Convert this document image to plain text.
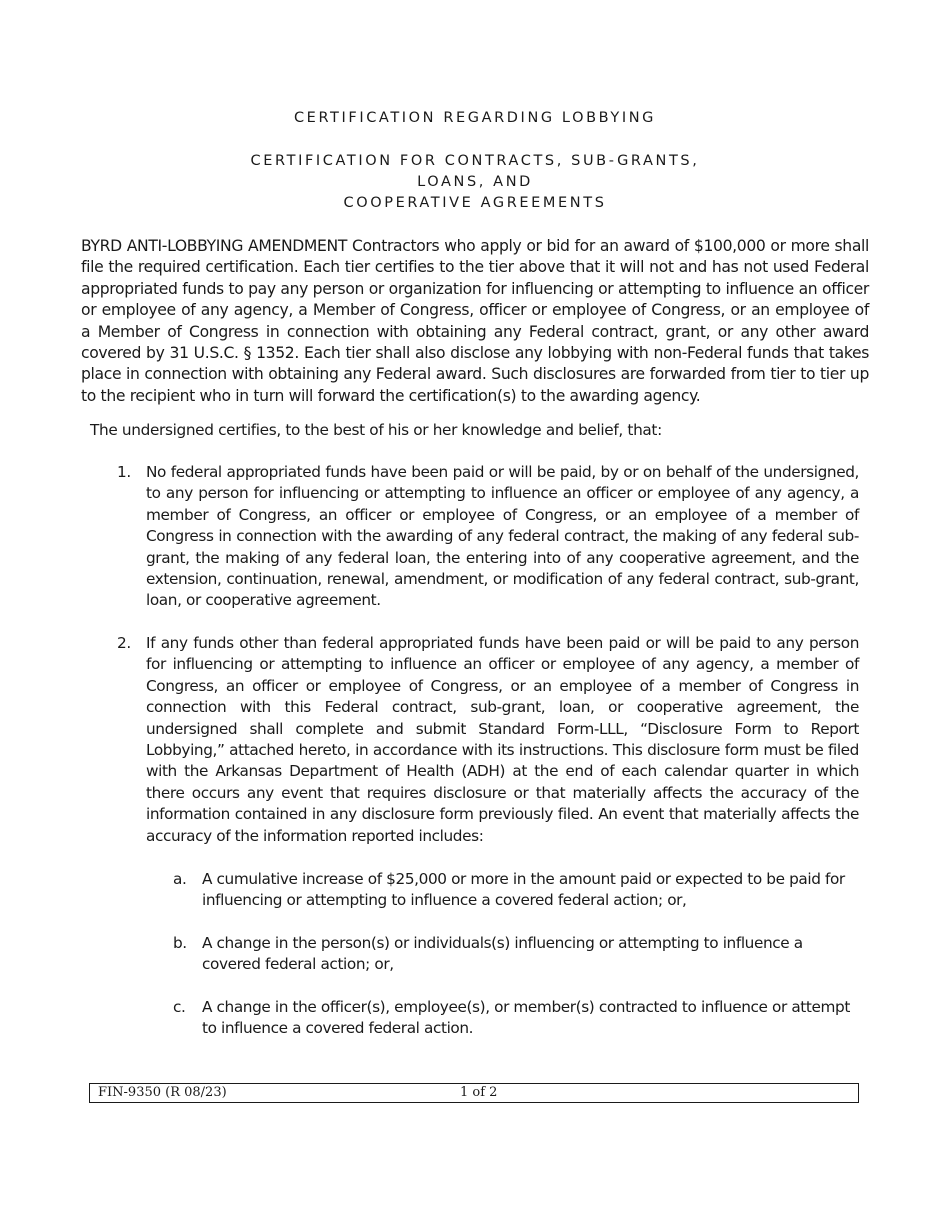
CERTIFICATION REGARDING LOBBYING
CERTIFICATION FOR CONTRACTS, SUB-GRANTS,
LOANS, AND
COOPERATIVE AGREEMENTS
BYRD ANTI-LOBBYING AMENDMENT Contractors who apply or bid for an award of $100,000 or more shall file the required certification. Each tier certifies to the tier above that it will not and has not used Federal appropriated funds to pay any person or organization for influencing or attempting to influence an officer or employee of any agency, a Member of Congress, officer or employee of Congress, or an employee of a Member of Congress in connection with obtaining any Federal contract, grant, or any other award covered by 31 U.S.C. § 1352. Each tier shall also disclose any lobbying with non-Federal funds that takes place in connection with obtaining any Federal award. Such disclosures are forwarded from tier to tier up to the recipient who in turn will forward the certification(s) to the awarding agency.
The undersigned certifies, to the best of his or her knowledge and belief, that:
1. No federal appropriated funds have been paid or will be paid, by or on behalf of the undersigned, to any person for influencing or attempting to influence an officer or employee of any agency, a member of Congress, an officer or employee of Congress, or an employee of a member of Congress in connection with the awarding of any federal contract, the making of any federal sub-grant, the making of any federal loan, the entering into of any cooperative agreement, and the extension, continuation, renewal, amendment, or modification of any federal contract, sub-grant, loan, or cooperative agreement.
2. If any funds other than federal appropriated funds have been paid or will be paid to any person for influencing or attempting to influence an officer or employee of any agency, a member of Congress, an officer or employee of Congress, or an employee of a member of Congress in connection with this Federal contract, sub-grant, loan, or cooperative agreement, the undersigned shall complete and submit Standard Form-LLL, “Disclosure Form to Report Lobbying,” attached hereto, in accordance with its instructions. This disclosure form must be filed with the Arkansas Department of Health (ADH) at the end of each calendar quarter in which there occurs any event that requires disclosure or that materially affects the accuracy of the information contained in any disclosure form previously filed. An event that materially affects the accuracy of the information reported includes:
a.	A cumulative increase of $25,000 or more in the amount paid or expected to be paid for influencing or attempting to influence a covered federal action; or,
b. A change in the person(s) or individuals(s) influencing or attempting to influence a covered federal action; or,
c.	A change in the officer(s), employee(s), or member(s) contracted to influence or attempt to influence a covered federal action.
FIN-9350 (R 08/23)	1 of 2
